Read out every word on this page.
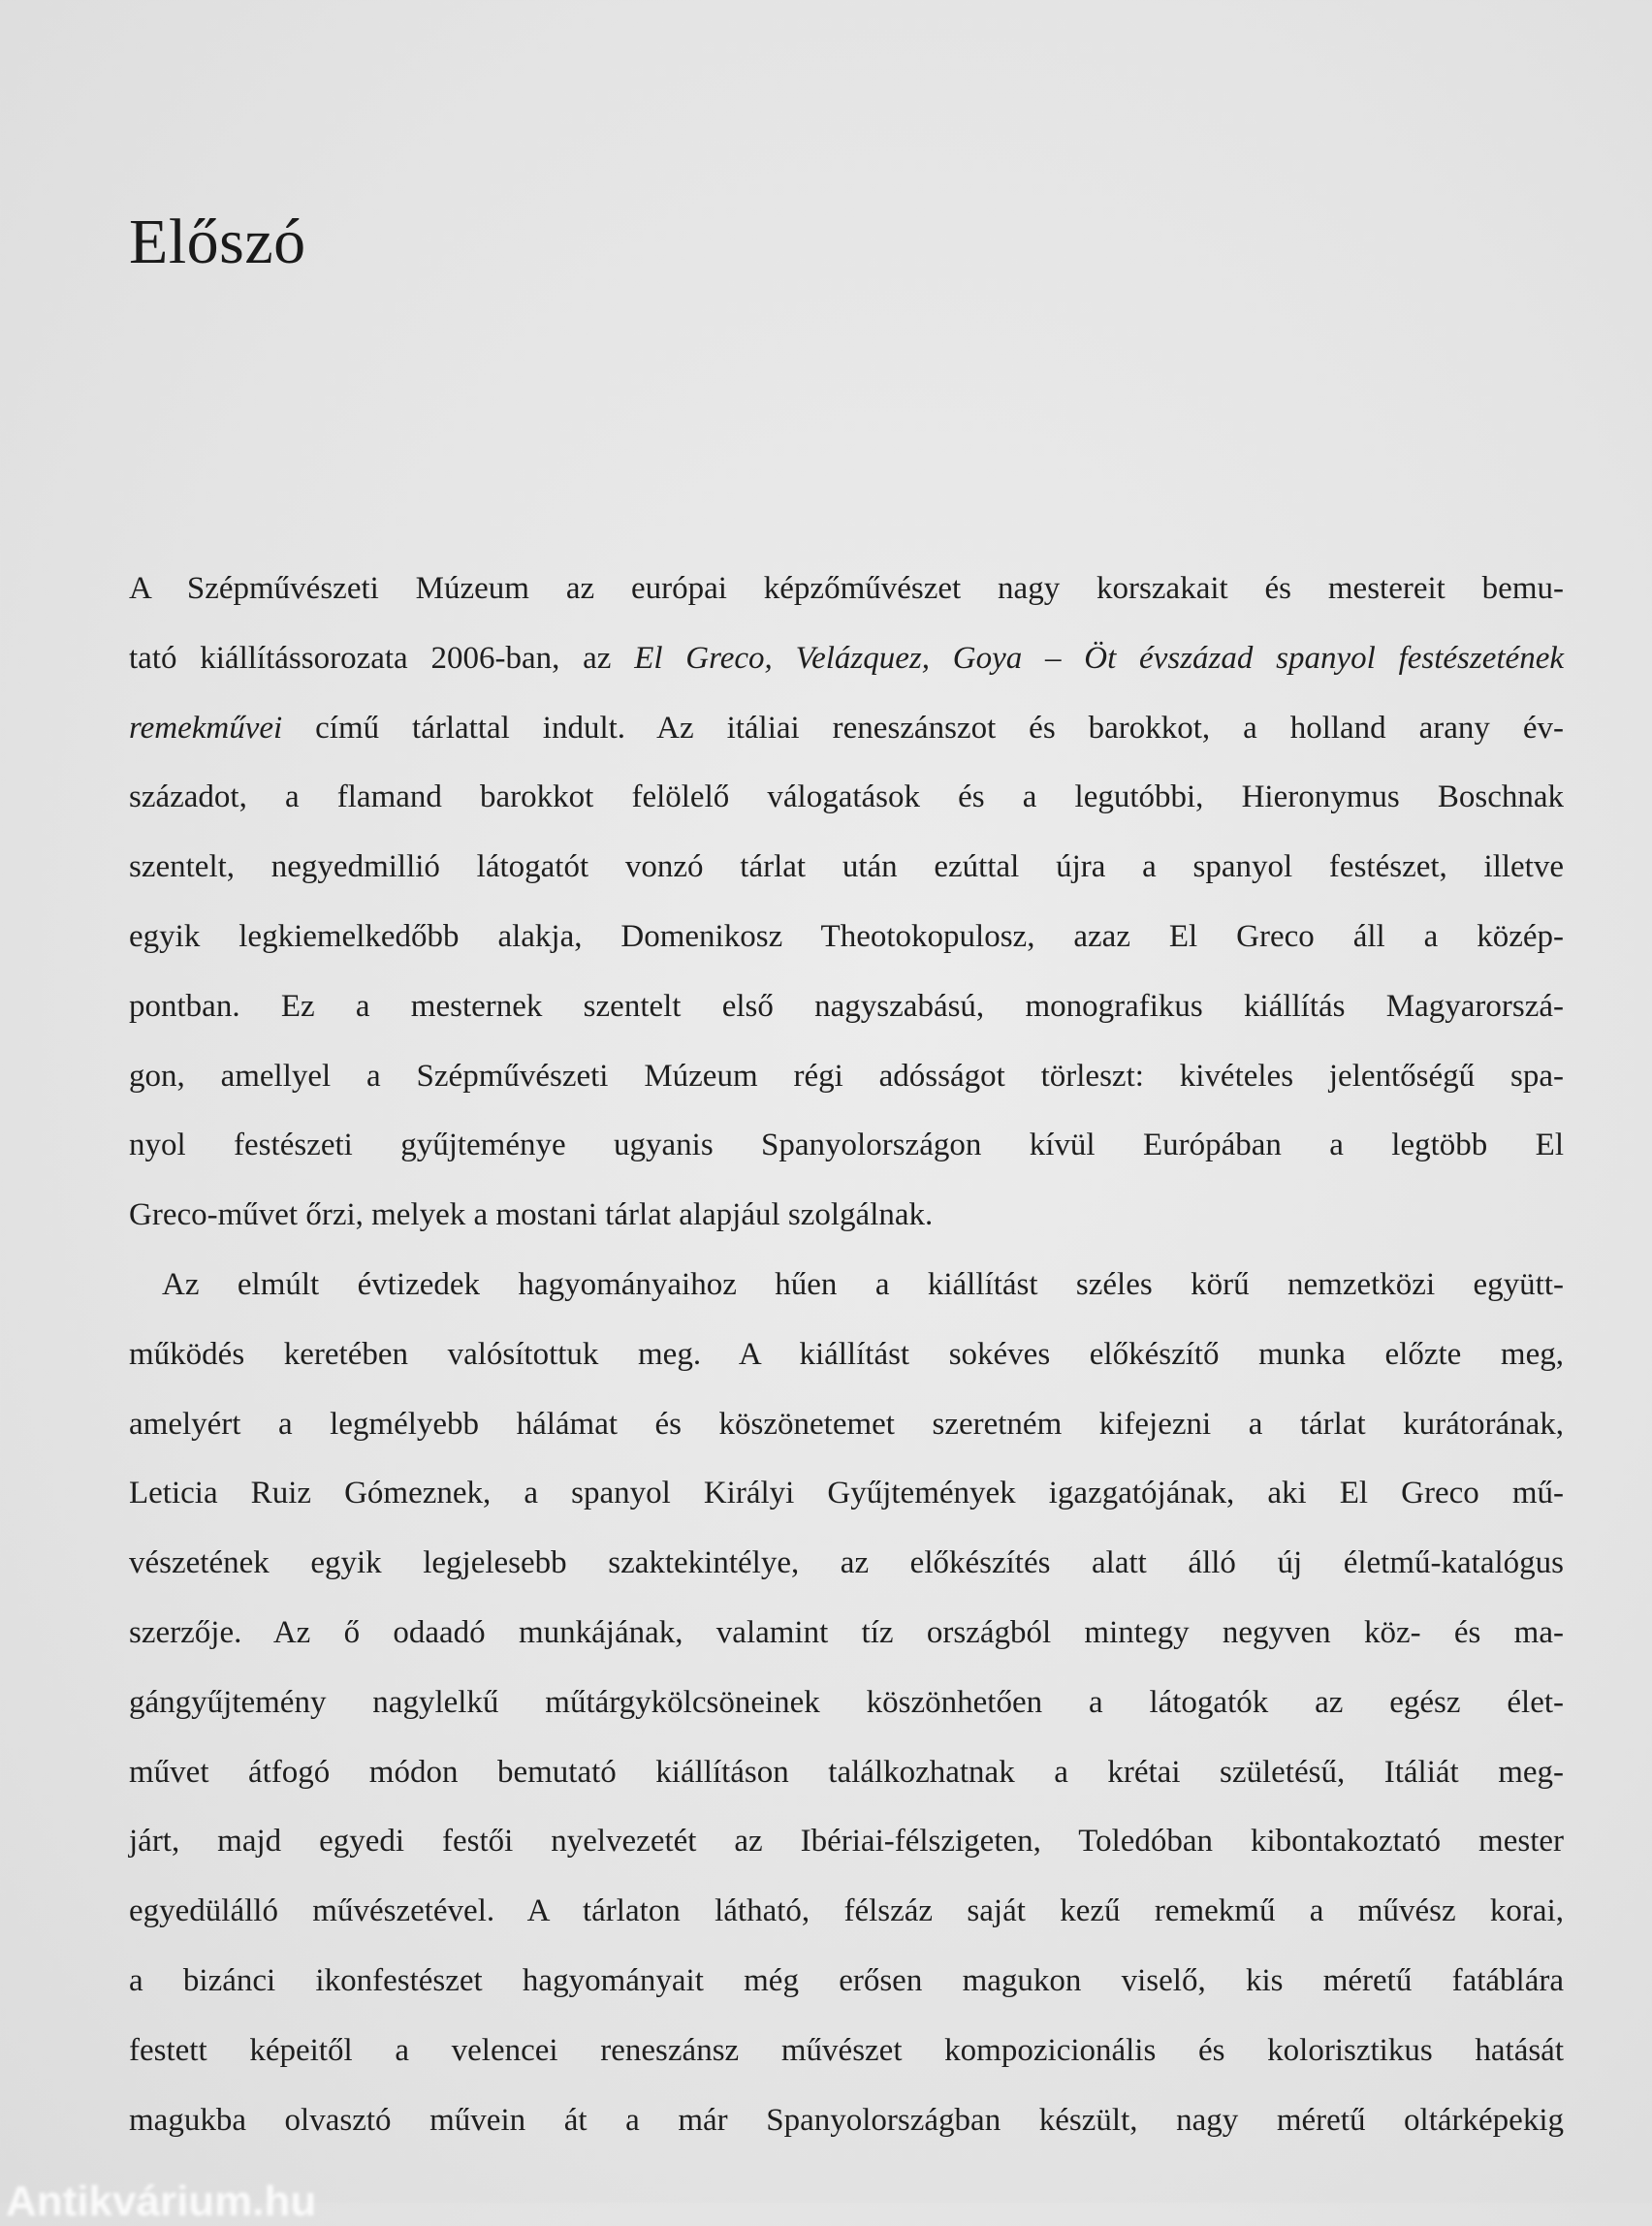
Előszó
A Szépművészeti Múzeum az európai képzőművészet nagy korszakait és mestereit bemu-
tató kiállítássorozata 2006-ban, az El Greco, Velázquez, Goya – Öt évszázad spanyol festészetének
remekművei című tárlattal indult. Az itáliai reneszánszot és barokkot, a holland arany év-
századot, a flamand barokkot felölelő válogatások és a legutóbbi, Hieronymus Boschnak
szentelt, negyedmillió látogatót vonzó tárlat után ezúttal újra a spanyol festészet, illetve
egyik legkiemelkedőbb alakja, Domenikosz Theotokopulosz, azaz El Greco áll a közép-
pontban. Ez a mesternek szentelt első nagyszabású, monografikus kiállítás Magyarorszá-
gon, amellyel a Szépművészeti Múzeum régi adósságot törleszt: kivételes jelentőségű spa-
nyol festészeti gyűjteménye ugyanis Spanyolországon kívül Európában a legtöbb El
Greco-művet őrzi, melyek a mostani tárlat alapjául szolgálnak.
Az elmúlt évtizedek hagyományaihoz hűen a kiállítást széles körű nemzetközi együtt-
működés keretében valósítottuk meg. A kiállítást sokéves előkészítő munka előzte meg,
amelyért a legmélyebb hálámat és köszönetemet szeretném kifejezni a tárlat kurátorának,
Leticia Ruiz Gómeznek, a spanyol Királyi Gyűjtemények igazgatójának, aki El Greco mű-
vészetének egyik legjelesebb szaktekintélye, az előkészítés alatt álló új életmű-katalógus
szerzője. Az ő odaadó munkájának, valamint tíz országból mintegy negyven köz- és ma-
gángyűjtemény nagylelkű műtárgykölcsöneinek köszönhetően a látogatók az egész élet-
művet átfogó módon bemutató kiállításon találkozhatnak a krétai születésű, Itáliát meg-
járt, majd egyedi festői nyelvezetét az Ibériai-félszigeten, Toledóban kibontakoztató mester
egyedülálló művészetével. A tárlaton látható, félszáz saját kezű remekmű a művész korai,
a bizánci ikonfestészet hagyományait még erősen magukon viselő, kis méretű fatáblára
festett képeitől a velencei reneszánsz művészet kompozicionális és kolorisztikus hatását
magukba olvasztó művein át a már Spanyolországban készült, nagy méretű oltárképekig
Antikvárium.hu
